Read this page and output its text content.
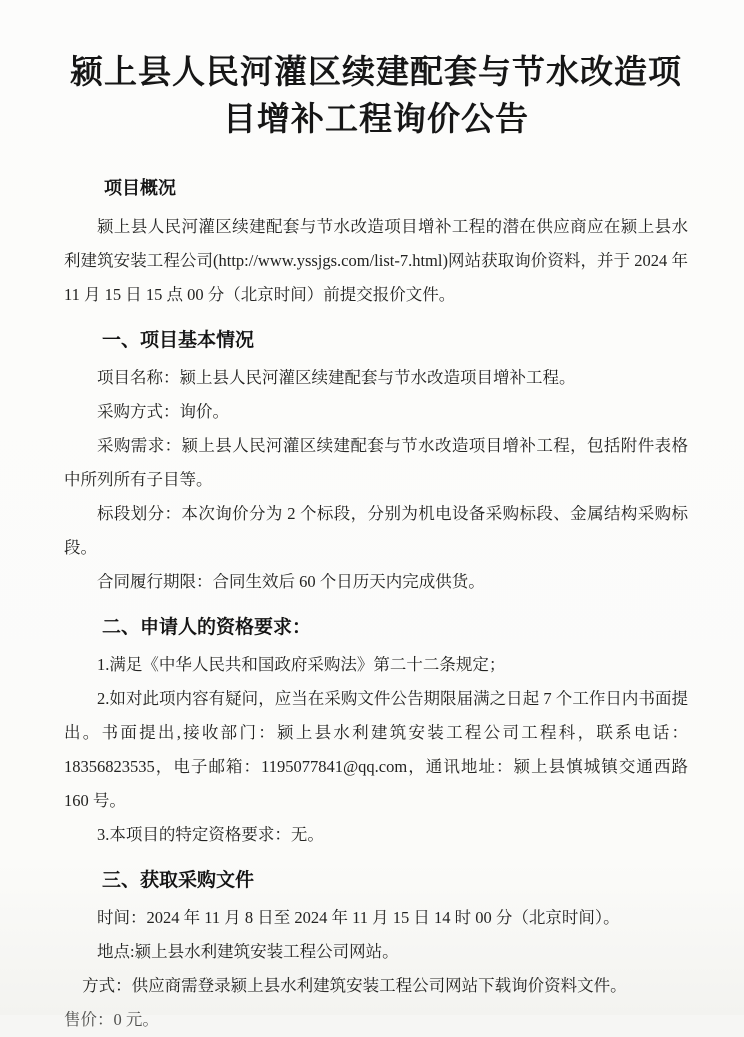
颍上县人民河灌区续建配套与节水改造项
目增补工程询价公告
项目概况

颍上县人民河灌区续建配套与节水改造项目增补工程的潜在供应商应在颍上县水利建筑安装工程公司(http://www.yssjgs.com/list-7.html)网站获取询价资料，并于 2024 年 11 月 15 日 15 点 00 分（北京时间）前提交报价文件。

一、项目基本情况

项目名称：颍上县人民河灌区续建配套与节水改造项目增补工程。

采购方式：询价。

采购需求：颍上县人民河灌区续建配套与节水改造项目增补工程，包括附件表格中所列所有子目等。

标段划分：本次询价分为 2 个标段，分别为机电设备采购标段、金属结构采购标段。

合同履行期限：合同生效后 60 个日历天内完成供货。

二、申请人的资格要求：

1.满足《中华人民共和国政府采购法》第二十二条规定；

2.如对此项内容有疑问，应当在采购文件公告期限届满之日起 7 个工作日内书面提出。书面提出,接收部门：颍上县水利建筑安装工程公司工程科，联系电话：18356823535，电子邮箱：1195077841@qq.com，通讯地址：颍上县慎城镇交通西路 160 号。

3.本项目的特定资格要求：无。

三、获取采购文件

时间：2024 年 11 月 8 日至 2024 年 11 月 15 日 14 时 00 分（北京时间）。

地点:颍上县水利建筑安装工程公司网站。

方式：供应商需登录颍上县水利建筑安装工程公司网站下载询价资料文件。

售价：0 元。
